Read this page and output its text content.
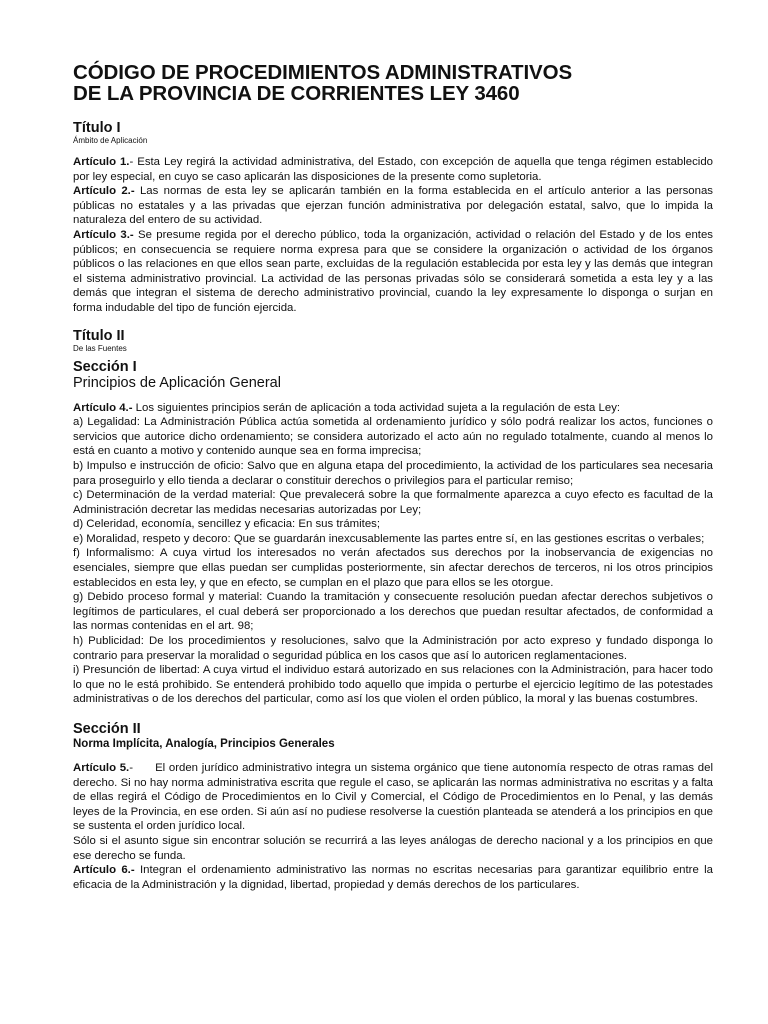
CÓDIGO DE PROCEDIMIENTOS ADMINISTRATIVOS
DE LA PROVINCIA DE CORRIENTES LEY 3460
Título I
Ámbito de Aplicación

Artículo 1.- Esta Ley regirá la actividad administrativa, del Estado, con excepción de aquella que tenga régimen establecido por ley especial, en cuyo se caso aplicarán las disposiciones de la presente como supletoria.

Artículo 2.- Las normas de esta ley se aplicarán también en la forma establecida en el artículo anterior a las personas públicas no estatales y a las privadas que ejerzan función administrativa por delegación estatal, salvo, que lo impida la naturaleza del entero de su actividad.

Artículo 3.- Se presume regida por el derecho público, toda la organización, actividad o relación del Estado y de los entes públicos; en consecuencia se requiere norma expresa para que se considere la organización o actividad de los órganos públicos o las relaciones en que ellos sean parte, excluidas de la regulación establecida por esta ley y las demás que integran el sistema administrativo provincial. La actividad de las personas privadas sólo se considerará sometida a esta ley y a las demás que integran el sistema de derecho administrativo provincial, cuando la ley expresamente lo disponga o surjan en forma indudable del tipo de función ejercida.

Título II
De las Fuentes
Sección I
Principios de Aplicación General

Artículo 4.- Los siguientes principios serán de aplicación a toda actividad sujeta a la regulación de esta Ley:

a) Legalidad: La Administración Pública actúa sometida al ordenamiento jurídico y sólo podrá realizar los actos, funciones o servicios que autorice dicho ordenamiento; se considera autorizado el acto aún no regulado totalmente, cuando al menos lo está en cuanto a motivo y contenido aunque sea en forma imprecisa;

b) Impulso e instrucción de oficio: Salvo que en alguna etapa del procedimiento, la actividad de los particulares sea necesaria para proseguirlo y ello tienda a declarar o constituir derechos o privilegios para el particular remiso;

c) Determinación de la verdad material: Que prevalecerá sobre la que formalmente aparezca a cuyo efecto es facultad de la Administración decretar las medidas necesarias autorizadas por Ley;

d) Celeridad, economía, sencillez y eficacia: En sus trámites;

e) Moralidad, respeto y decoro: Que se guardarán inexcusablemente las partes entre sí, en las gestiones escritas o verbales;

f) Informalismo: A cuya virtud los interesados no verán afectados sus derechos por la inobservancia de exigencias no esenciales, siempre que ellas puedan ser cumplidas posteriormente, sin afectar derechos de terceros, ni los otros principios establecidos en esta ley, y que en efecto, se cumplan en el plazo que para ellos se les otorgue.

g) Debido proceso formal y material: Cuando la tramitación y consecuente resolución puedan afectar derechos subjetivos o legítimos de particulares, el cual deberá ser proporcionado a los derechos que puedan resultar afectados, de conformidad a las normas contenidas en el art. 98;

h) Publicidad: De los procedimientos y resoluciones, salvo que la Administración por acto expreso y fundado disponga lo contrario para preservar la moralidad o seguridad pública en los casos que así lo autoricen reglamentaciones.

i) Presunción de libertad: A cuya virtud el individuo estará autorizado en sus relaciones con la Administración, para hacer todo lo que no le está prohibido. Se entenderá prohibido todo aquello que impida o perturbe el ejercicio legítimo de las potestades administrativas o de los derechos del particular, como así los que violen el orden público, la moral y las buenas costumbres.

Sección II
Norma Implícita, Analogía, Principios Generales

Artículo 5.-      El orden jurídico administrativo integra un sistema orgánico que tiene autonomía respecto de otras ramas del derecho. Si no hay norma administrativa escrita que regule el caso, se aplicarán las normas administrativa no escritas y a falta de ellas regirá el Código de Procedimientos en lo Civil y Comercial, el Código de Procedimientos en lo Penal, y las demás leyes de la Provincia, en ese orden. Si aún así no pudiese resolverse la cuestión planteada se atenderá a los principios en que se sustenta el orden jurídico local.

Sólo si el asunto sigue sin encontrar solución se recurrirá a las leyes análogas de derecho nacional y a los principios en que ese derecho se funda.

Artículo 6.- Integran el ordenamiento administrativo las normas no escritas necesarias para garantizar equilibrio entre la eficacia de la Administración y la dignidad, libertad, propiedad y demás derechos de los particulares.
